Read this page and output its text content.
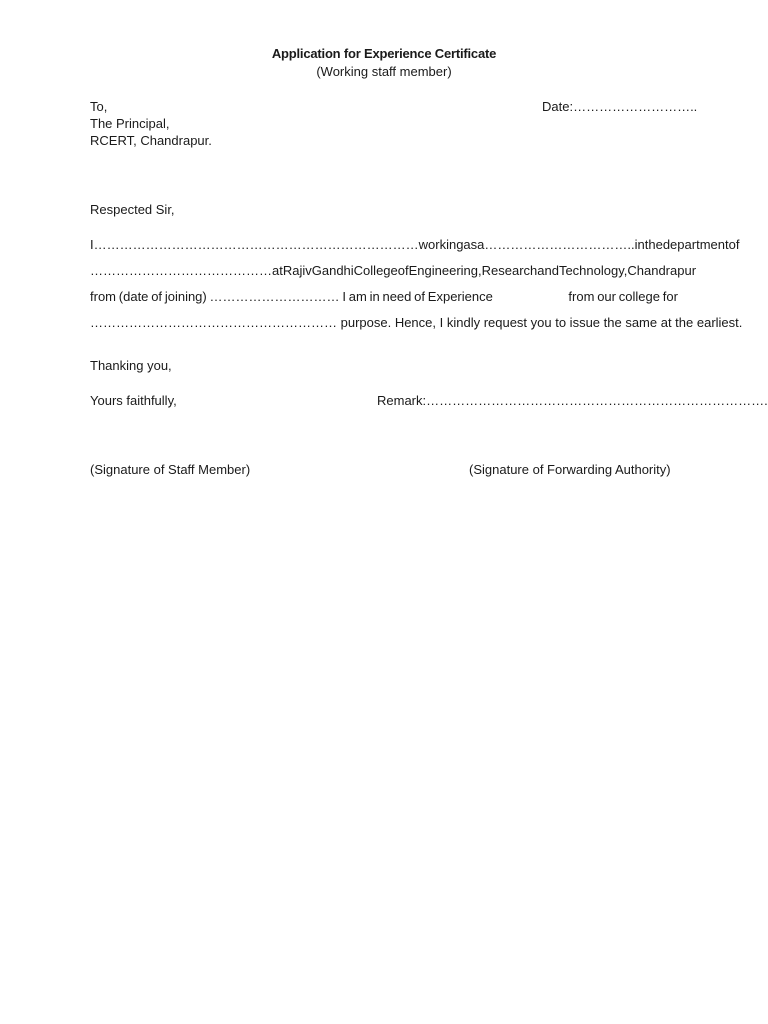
Application for Experience Certificate
(Working staff member)
To,
The Principal,
RCERT, Chandrapur.
Date:………………………..
Respected Sir,
I ………………………………………………………………… working as a …………………………….. in the department of
……………………………………at Rajiv Gandhi College of Engineering, Research and Technology, Chandrapur
from (date of joining) ………………………… I am in need of Experience	from our college for
………………………………………………… purpose. Hence, I kindly request you to issue the same at the earliest.
Thanking you,
Yours faithfully,	Remark:…………………………………………………………………….
(Signature of Staff Member)	(Signature of Forwarding Authority)
